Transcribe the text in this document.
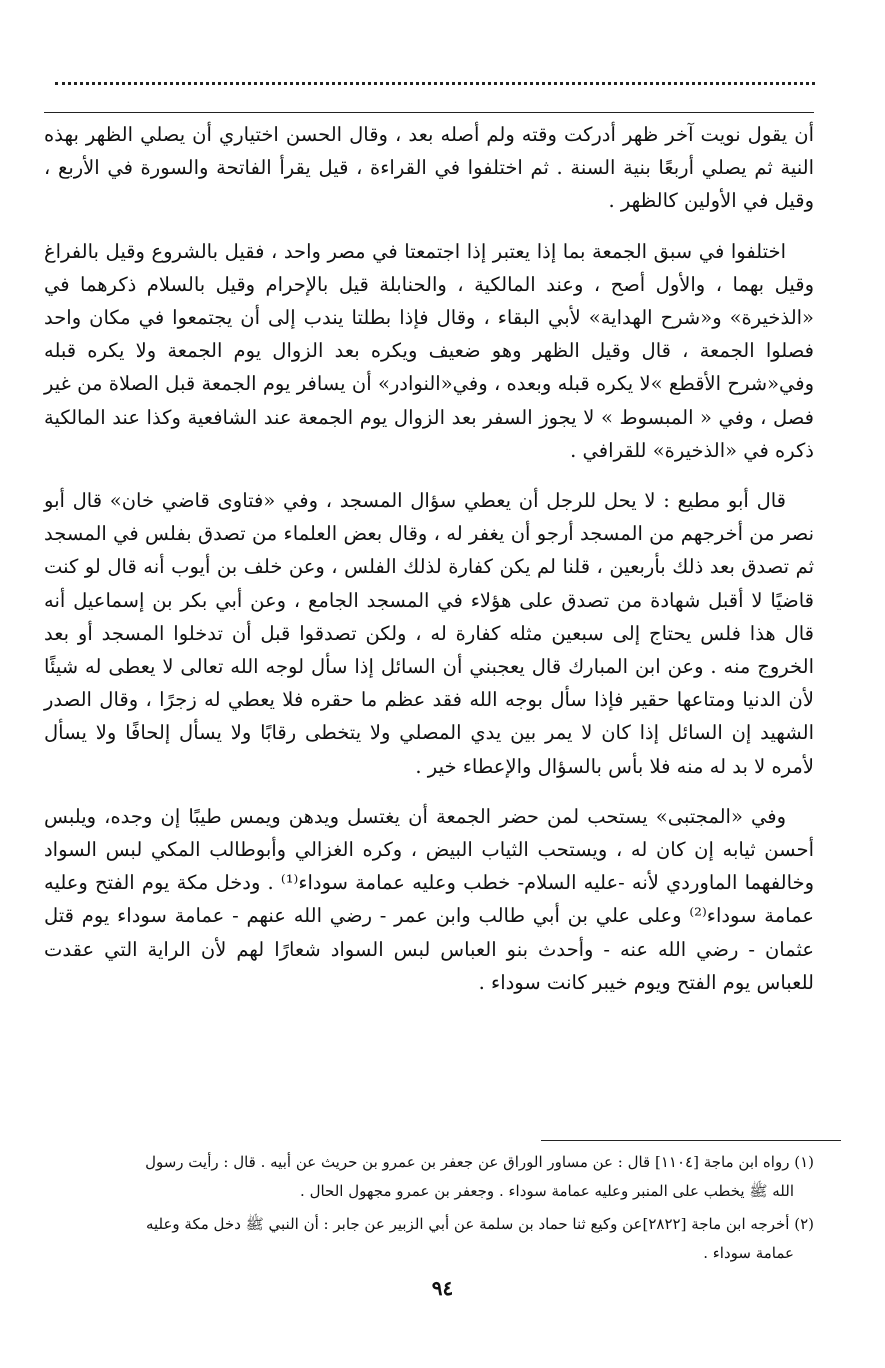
أن يقول نويت آخر ظهر أدركت وقته ولم أصله بعد ، وقال الحسن اختياري أن يصلي الظهر بهذه النية ثم يصلي أربعًا بنية السنة . ثم اختلفوا في القراءة ، قيل يقرأ الفاتحة والسورة في الأربع ، وقيل في الأولين كالظهر .

اختلفوا في سبق الجمعة بما إذا يعتبر إذا اجتمعتا في مصر واحد ، فقيل بالشروع وقيل بالفراغ وقيل بهما ، والأول أصح ، وعند المالكية ، والحنابلة قيل بالإحرام وقيل بالسلام ذكرهما في «الذخيرة» و«شرح الهداية» لأبي البقاء ، وقال فإذا بطلتا يندب إلى أن يجتمعوا في مكان واحد فصلوا الجمعة ، قال وقيل الظهر وهو ضعيف ويكره بعد الزوال يوم الجمعة ولا يكره قبله وفي«شرح الأقطع »لا يكره قبله وبعده ، وفي«النوادر» أن يسافر يوم الجمعة قبل الصلاة من غير فصل ، وفي « المبسوط » لا يجوز السفر بعد الزوال يوم الجمعة عند الشافعية وكذا عند المالكية ذكره في «الذخيرة» للقرافي .

قال أبو مطيع : لا يحل للرجل أن يعطي سؤال المسجد ، وفي «فتاوى قاضي خان» قال أبو نصر من أخرجهم من المسجد أرجو أن يغفر له ، وقال بعض العلماء من تصدق بفلس في المسجد ثم تصدق بعد ذلك بأربعين ، قلنا لم يكن كفارة لذلك الفلس ، وعن خلف بن أيوب أنه قال لو كنت قاضيًا لا أقبل شهادة من تصدق على هؤلاء في المسجد الجامع ، وعن أبي بكر بن إسماعيل أنه قال هذا فلس يحتاج إلى سبعين مثله كفارة له ، ولكن تصدقوا قبل أن تدخلوا المسجد أو بعد الخروج منه . وعن ابن المبارك قال يعجبني أن السائل إذا سأل لوجه الله تعالى لا يعطى له شيئًا لأن الدنيا ومتاعها حقير فإذا سأل بوجه الله فقد عظم ما حقره فلا يعطي له زجرًا ، وقال الصدر الشهيد إن السائل إذا كان لا يمر بين يدي المصلي ولا يتخطى رقابًا ولا يسأل إلحافًا ولا يسأل لأمره لا بد له منه فلا بأس بالسؤال والإعطاء خير .

وفي «المجتبى» يستحب لمن حضر الجمعة أن يغتسل ويدهن ويمس طيبًا إن وجده، ويلبس أحسن ثيابه إن كان له ، ويستحب الثياب البيض ، وكره الغزالي وأبوطالب المكي لبس السواد وخالفهما الماوردي لأنه -عليه السلام- خطب وعليه عمامة سوداء⁽¹⁾ . ودخل مكة يوم الفتح وعليه عمامة سوداء⁽²⁾ وعلى علي بن أبي طالب وابن عمر - رضي الله عنهم - عمامة سوداء يوم قتل عثمان - رضي الله عنه - وأحدث بنو العباس لبس السواد شعارًا لهم لأن الراية التي عقدت للعباس يوم الفتح ويوم خيبر كانت سوداء .

(١) رواه ابن ماجة [١١٠٤] قال : عن مساور الوراق عن جعفر بن عمرو بن حريث عن أبيه . قال : رأيت رسول
الله ﷺ يخطب على المنبر وعليه عمامة سوداء . وجعفر بن عمرو مجهول الحال .

(٢) أخرجه ابن ماجة [٢٨٢٢]عن وكيع ثنا حماد بن سلمة عن أبي الزبير عن جابر : أن النبي ﷺ دخل مكة وعليه
عمامة سوداء .

٩٤
